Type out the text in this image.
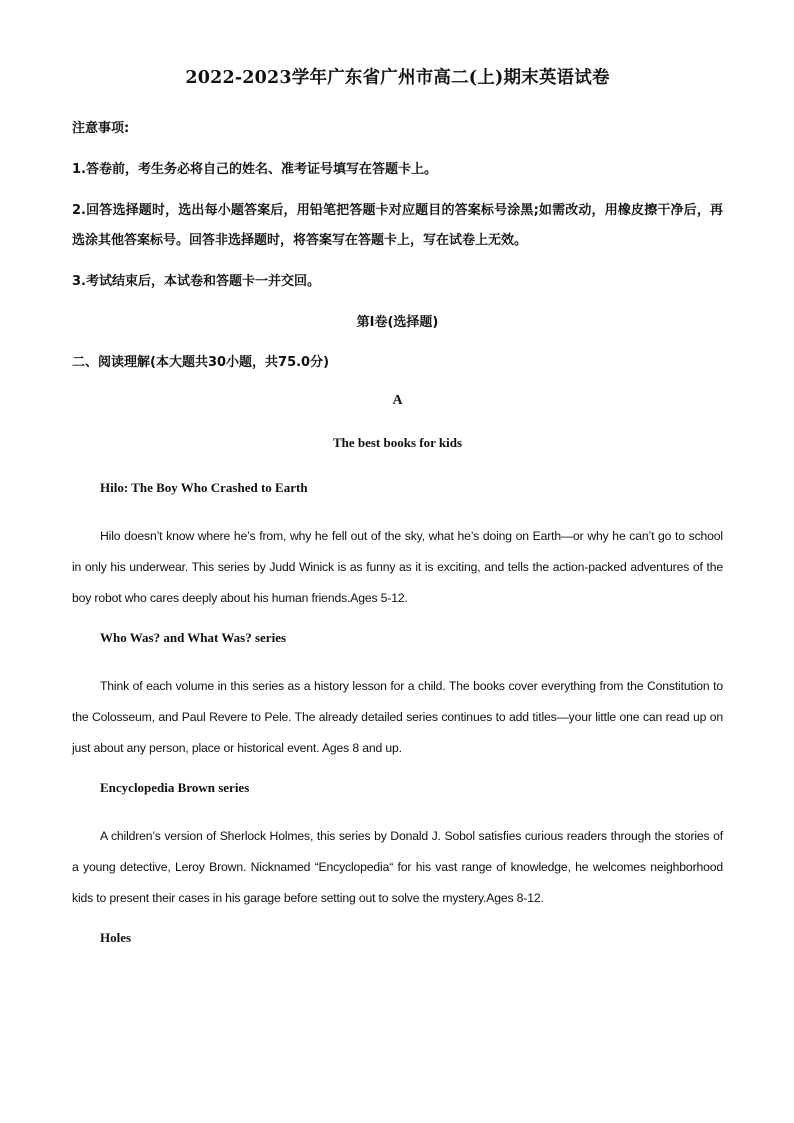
2022-2023学年广东省广州市高二(上)期末英语试卷

注意事项:

1.答卷前，考生务必将自己的姓名、准考证号填写在答题卡上。

2.回答选择题时，选出每小题答案后，用铅笔把答题卡对应题目的答案标号涂黑;如需改动，用橡皮擦干净后，再选涂其他答案标号。回答非选择题时，将答案写在答题卡上，写在试卷上无效。

3.考试结束后，本试卷和答题卡一并交回。

第I卷(选择题)

二、阅读理解(本大题共30小题，共75.0分)

A
The best books for kids
Hilo: The Boy Who Crashed to Earth

Hilo doesn’t know where he’s from, why he fell out of the sky, what he’s doing on Earth—or why he can’t go to school in only his underwear. This series by Judd Winick is as funny as it is exciting, and tells the action-packed adventures of the boy robot who cares deeply about his human friends.Ages 5-12.

Who Was? and What Was? series

Think of each volume in this series as a history lesson for a child. The books cover everything from the Constitution to the Colosseum, and Paul Revere to Pele. The already detailed series continues to add titles—your little one can read up on just about any person, place or historical event. Ages 8 and up.

Encyclopedia Brown series

A children’s version of Sherlock Holmes, this series by Donald J. Sobol satisfies curious readers through the stories of a young detective, Leroy Brown. Nicknamed “Encyclopedia“ for his vast range of knowledge, he welcomes neighborhood kids to present their cases in his garage before setting out to solve the mystery.Ages 8-12.

Holes
